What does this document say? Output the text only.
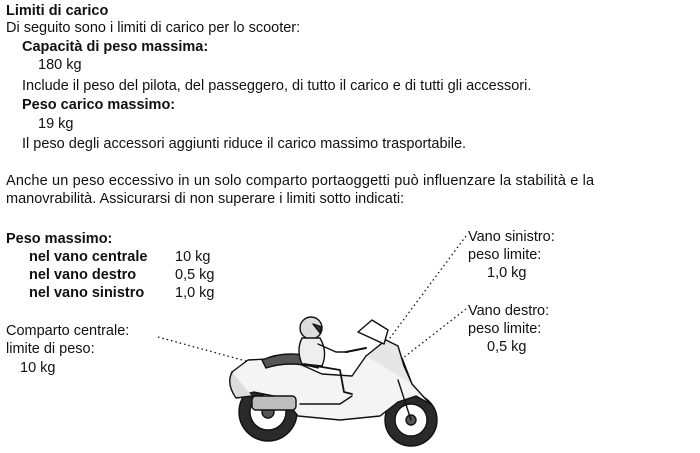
Limiti di carico
Di seguito sono i limiti di carico per lo scooter:
Capacità di peso massima:
180 kg
Include il peso del pilota, del passeggero, di tutto il carico e di tutti gli accessori.
Peso carico massimo:
19 kg
Il peso degli accessori aggiunti riduce il carico massimo trasportabile.
Anche un peso eccessivo in un solo comparto portaoggetti può influenzare la stabilità e la
manovrabilità. Assicurarsi di non superare i limiti sotto indicati:
Peso massimo:
nel vano centrale 10 kg
nel vano destro	0,5 kg
nel vano sinistro 1,0 kg
Comparto centrale:
limite di peso:
10 kg
Vano sinistro:
peso limite:
1,0 kg
Vano destro:
peso limite:
0,5 kg
